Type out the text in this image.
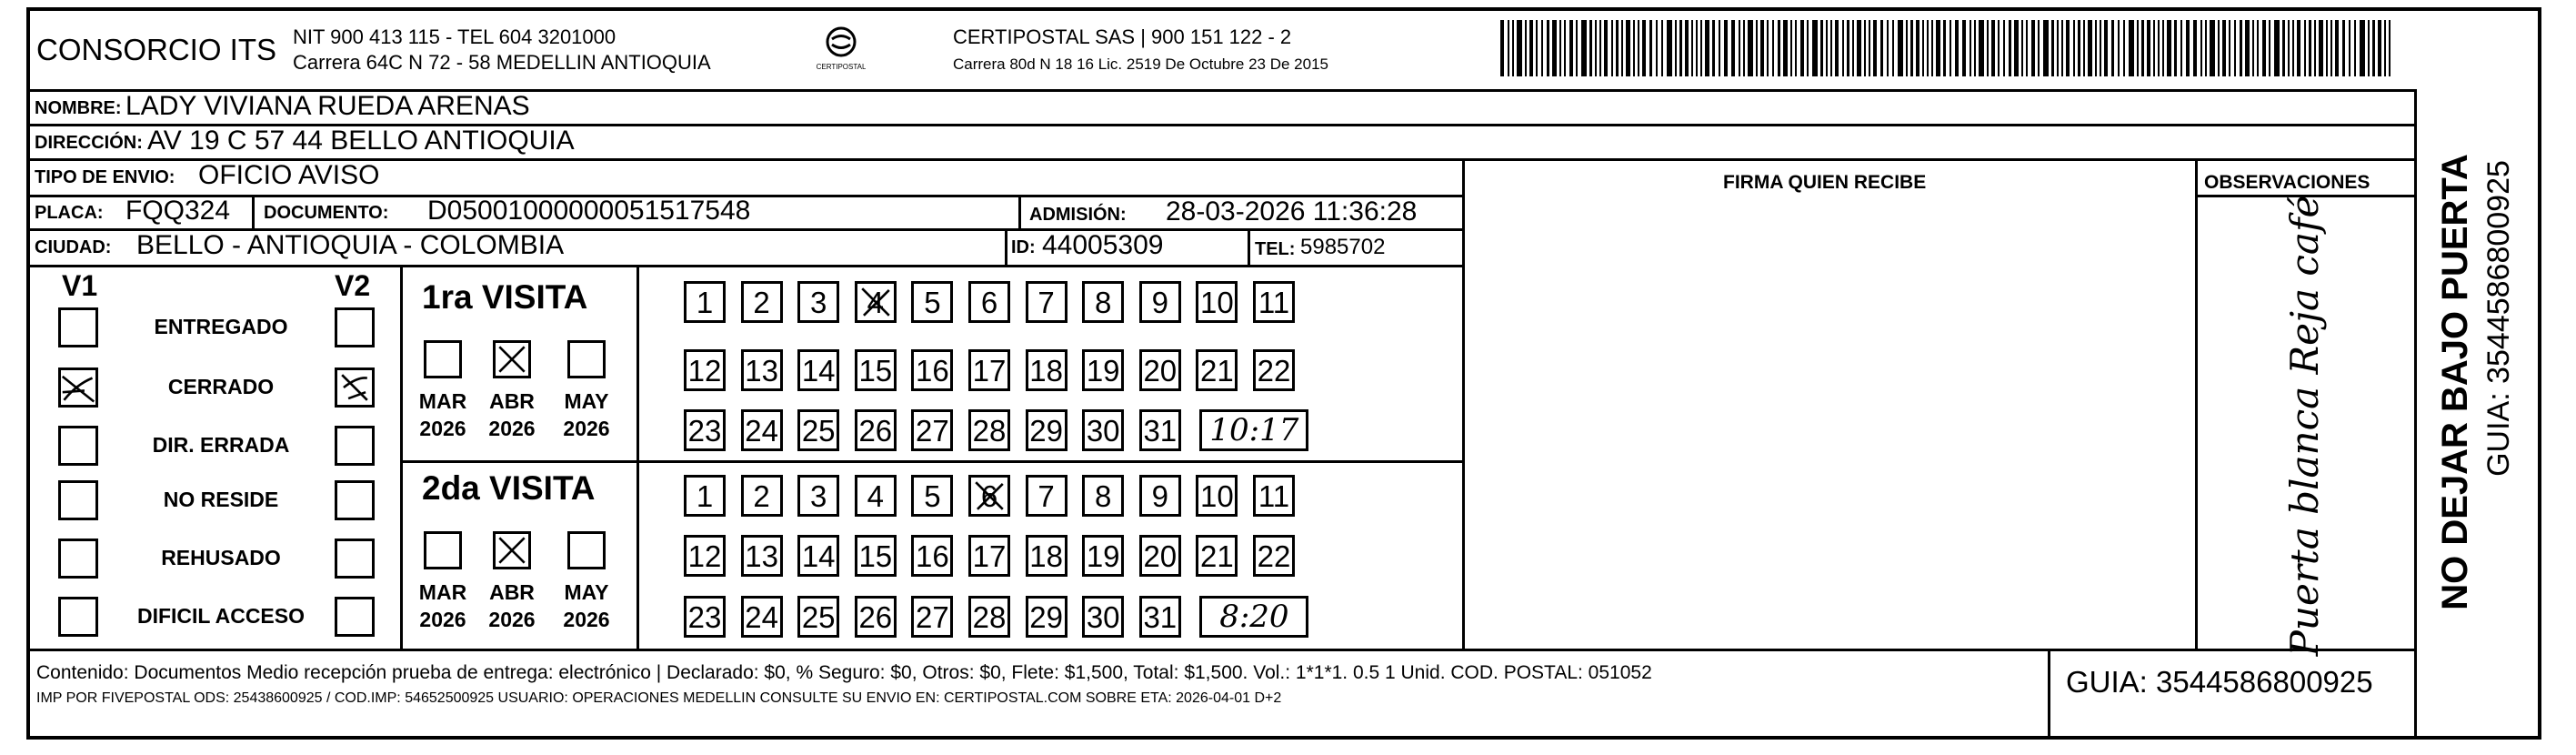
CONSORCIO ITS NIT 900 413 115 - TEL 604 3201000
Carrera 64C N 72 - 58 MEDELLIN ANTIOQUIA	CERTIPOSTAL
CERTIPOSTAL SAS | 900 151 122 - 2
Carrera 80d N 18 16 Lic. 2519 De Octubre 23 De 2015
NOMBRE: LADY VIVIANA RUEDA ARENAS
DIRECCIÓN: AV 19 C 57 44 BELLO ANTIOQUIA
TIPO DE ENVIO: OFICIO AVISO
PLACA: FQQ324 DOCUMENTO: D05001000000051517548	ADMISIÓN: 28-03-2026 11:36:28
CIUDAD: BELLO - ANTIOQUIA - COLOMBIA	ID: 44005309	TEL: 5985702
FIRMA QUIEN RECIBE	OBSERVACIONES
Puerta blanca Reja café	NO DEJAR BAJO PUERTA GUIA: 3544586800925
V1	V2
ENTREGADO
CERRADO
DIR. ERRADA
NO RESIDE
REHUSADO
DIFICIL ACCESO
1ra VISITA
2da VISITA
MAR
2026
ABR
2026
MAY
2026
MAR
2026
ABR
2026
MAY
2026
1 2 3 4 5 6 7 8 9 10 11
12 13 14 15 16 17 18 19 20 21 22
23 24 25 26 27 28 29 30 31 10:17
1 2 3 4 5 6 7 8 9 10 11
12 13 14 15 16 17 18 19 20 21 22
23 24 25 26 27 28 29 30 31 8:20
Contenido: Documentos Medio recepción prueba de entrega: electrónico | Declarado: $0, % Seguro: $0, Otros: $0, Flete: $1,500, Total: $1,500. Vol.: 1*1*1. 0.5 1 Unid. COD. POSTAL: 051052
IMP POR FIVEPOSTAL ODS: 25438600925 / COD.IMP: 54652500925 USUARIO: OPERACIONES MEDELLIN CONSULTE SU ENVIO EN: CERTIPOSTAL.COM SOBRE ETA: 2026-04-01 D+2	GUIA: 3544586800925
